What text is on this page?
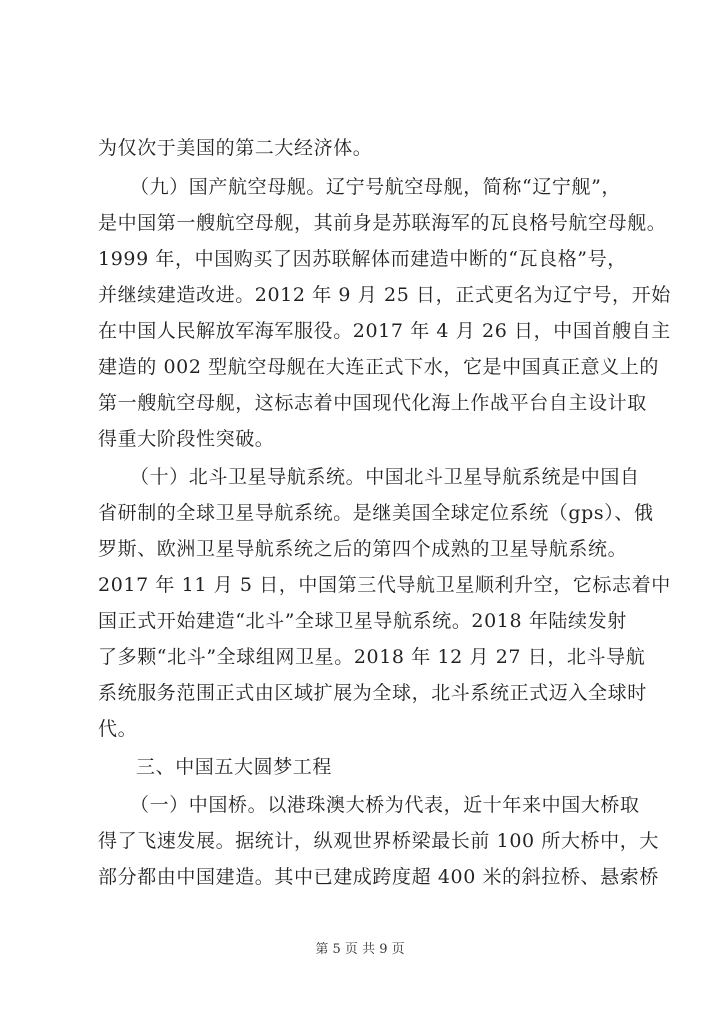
为仅次于美国的第二大经济体。
（九）国产航空母舰。辽宁号航空母舰，简称“辽宁舰”，
是中国第一艘航空母舰，其前身是苏联海军的瓦良格号航空母舰。
1999 年，中国购买了因苏联解体而建造中断的“瓦良格”号，
并继续建造改进。2012 年 9 月 25 日，正式更名为辽宁号，开始
在中国人民解放军海军服役。2017 年 4 月 26 日，中国首艘自主
建造的 002 型航空母舰在大连正式下水，它是中国真正意义上的
第一艘航空母舰，这标志着中国现代化海上作战平台自主设计取
得重大阶段性突破。
（十）北斗卫星导航系统。中国北斗卫星导航系统是中国自
省研制的全球卫星导航系统。是继美国全球定位系统（gps）、俄
罗斯、欧洲卫星导航系统之后的第四个成熟的卫星导航系统。
2017 年 11 月 5 日，中国第三代导航卫星顺利升空，它标志着中
国正式开始建造“北斗”全球卫星导航系统。2018 年陆续发射
了多颗“北斗”全球组网卫星。2018 年 12 月 27 日，北斗导航
系统服务范围正式由区域扩展为全球，北斗系统正式迈入全球时
代。
三、中国五大圆梦工程
（一）中国桥。以港珠澳大桥为代表，近十年来中国大桥取
得了飞速发展。据统计，纵观世界桥梁最长前 100 所大桥中，大
部分都由中国建造。其中已建成跨度超 400 米的斜拉桥、悬索桥
第 5 页 共 9 页
